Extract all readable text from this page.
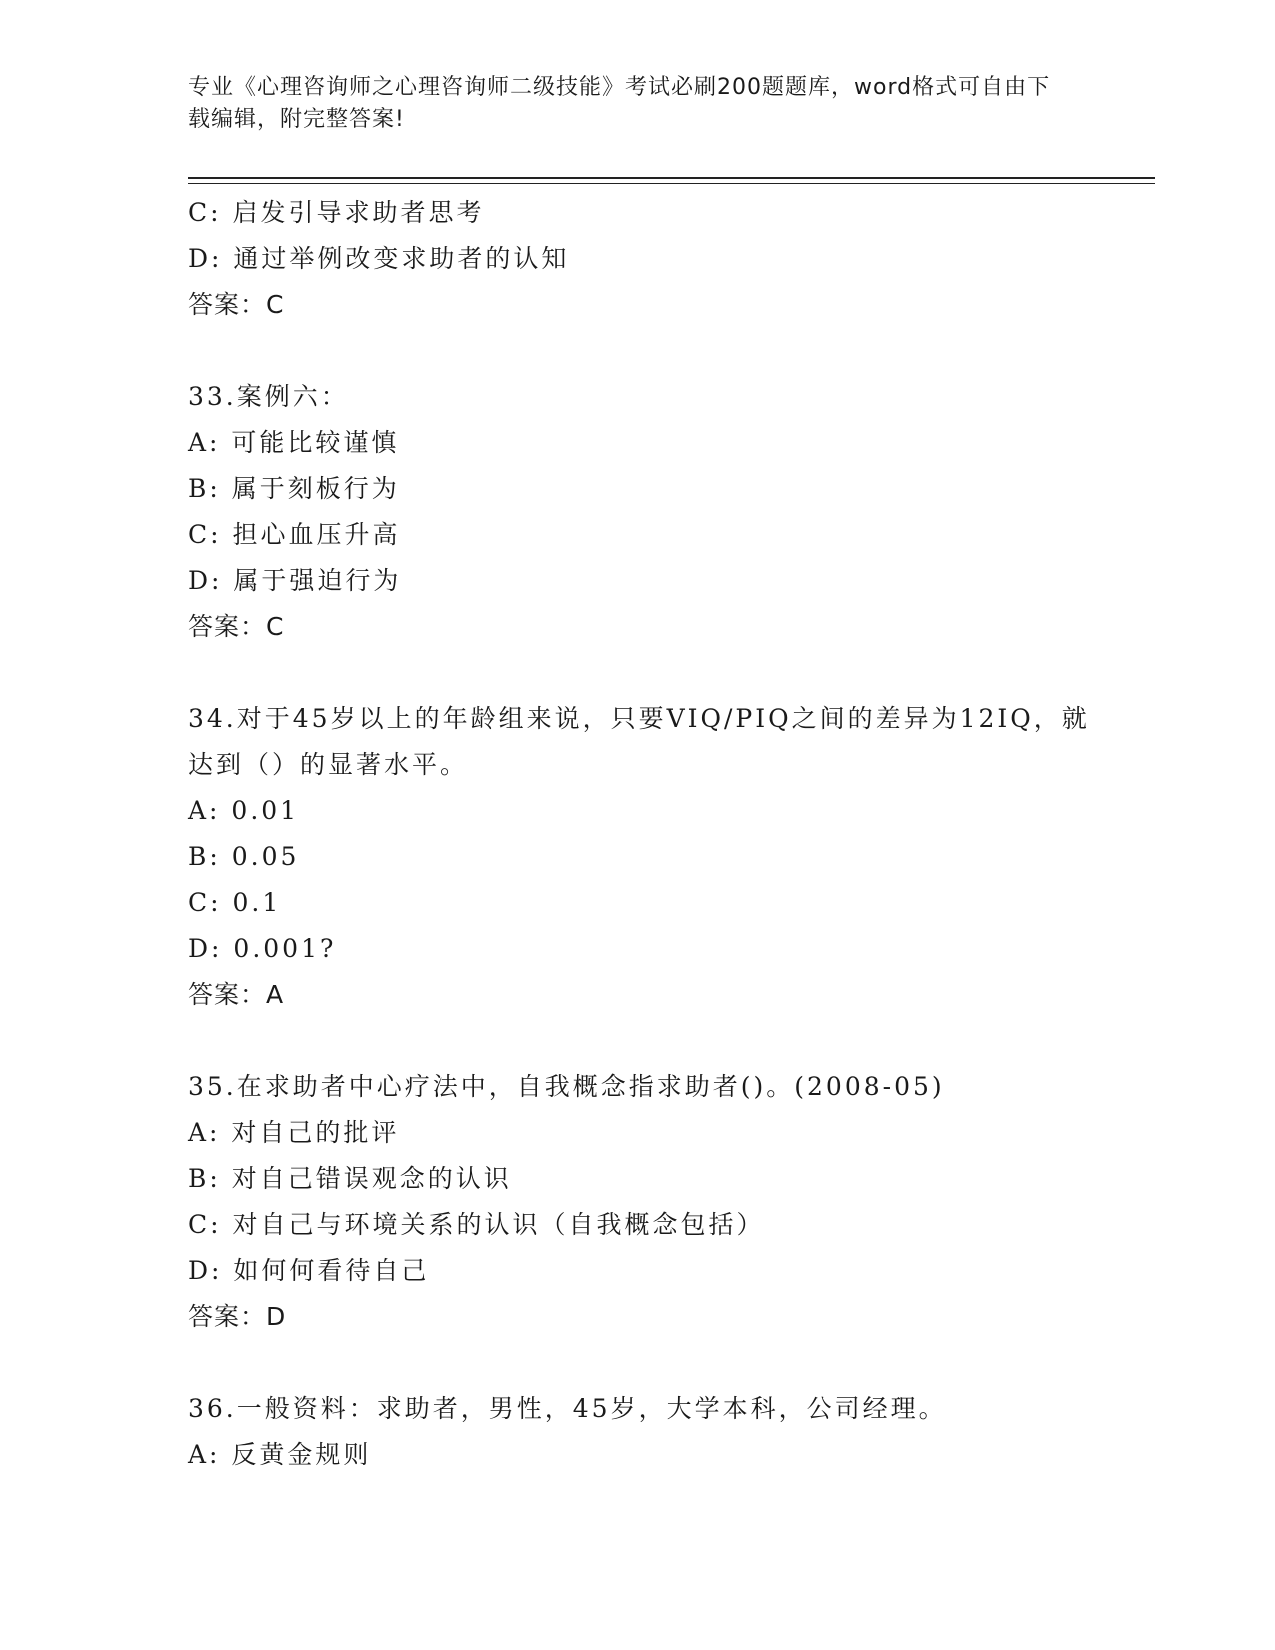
专业《心理咨询师之心理咨询师二级技能》考试必刷200题题库，word格式可自由下载编辑，附完整答案!
C: 启发引导求助者思考
D: 通过举例改变求助者的认知
答案：C
33.案例六：
A: 可能比较谨慎
B: 属于刻板行为
C: 担心血压升高
D: 属于强迫行为
答案：C
34.对于45岁以上的年龄组来说，只要VIQ/PIQ之间的差异为12IQ，就达到（）的显著水平。
A: 0.01
B: 0.05
C: 0.1
D: 0.001?
答案：A
35.在求助者中心疗法中，自我概念指求助者()。(2008-05)
A: 对自己的批评
B: 对自己错误观念的认识
C: 对自己与环境关系的认识（自我概念包括）
D: 如何何看待自己
答案：D
36.一般资料：求助者，男性，45岁，大学本科，公司经理。
A: 反黄金规则
